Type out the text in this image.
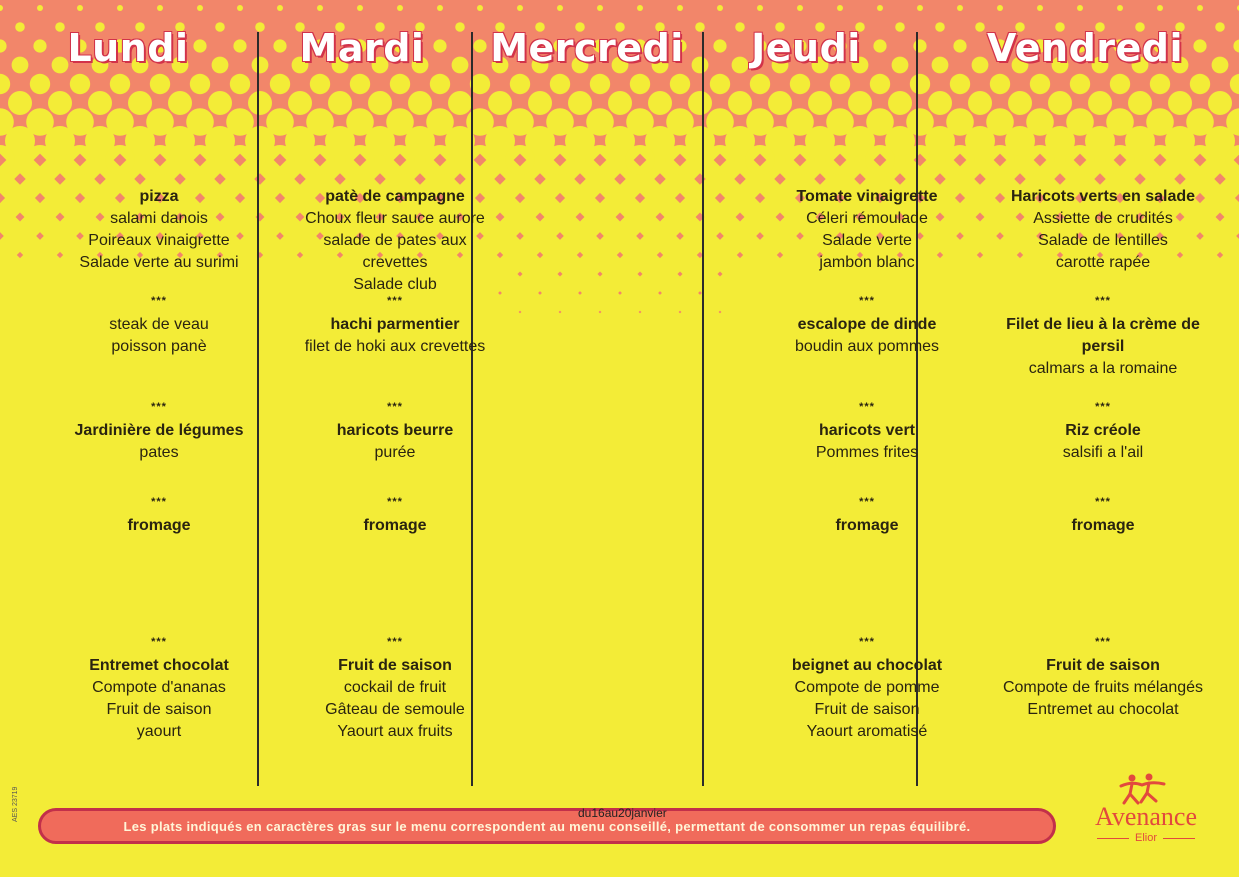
Lundi	Mardi	Mercredi	Jeudi	Vendredi
pizza
salami danois
Poireaux vinaigrette
Salade verte au surimi
***
steak de veau
poisson panè
***
Jardinière de légumes
pates
***
fromage
***
Entremet chocolat
Compote d'ananas
Fruit de saison
yaourt
patè de campagne
Choux fleur sauce aurore
salade de pates aux
crevettes
Salade club
***
hachi parmentier
filet de hoki aux crevettes
***
haricots beurre
purée
***
fromage
***
Fruit de saison
cockail de fruit
Gâteau de semoule
Yaourt aux fruits
Tomate vinaigrette
Céleri rémoulade
Salade verte
jambon blanc
***
escalope de dinde
boudin aux pommes
***
haricots vert
Pommes frites
***
fromage
***
beignet au chocolat
Compote de pomme
Fruit de saison
Yaourt aromatisé
Haricots verts en salade
Assiette de crudités
Salade de lentilles
carotte rapée
***
Filet de lieu à la crème de
persil
calmars a la romaine
***
Riz créole
salsifi a l'ail
***
fromage
***
Fruit de saison
Compote de fruits mélangés
Entremet au chocolat
Les plats indiqués en caractères gras sur le menu correspondent au menu conseillé, permettant de consommer un repas équilibré.
du16au20janvier
AES 23719	Avenance
Elior
